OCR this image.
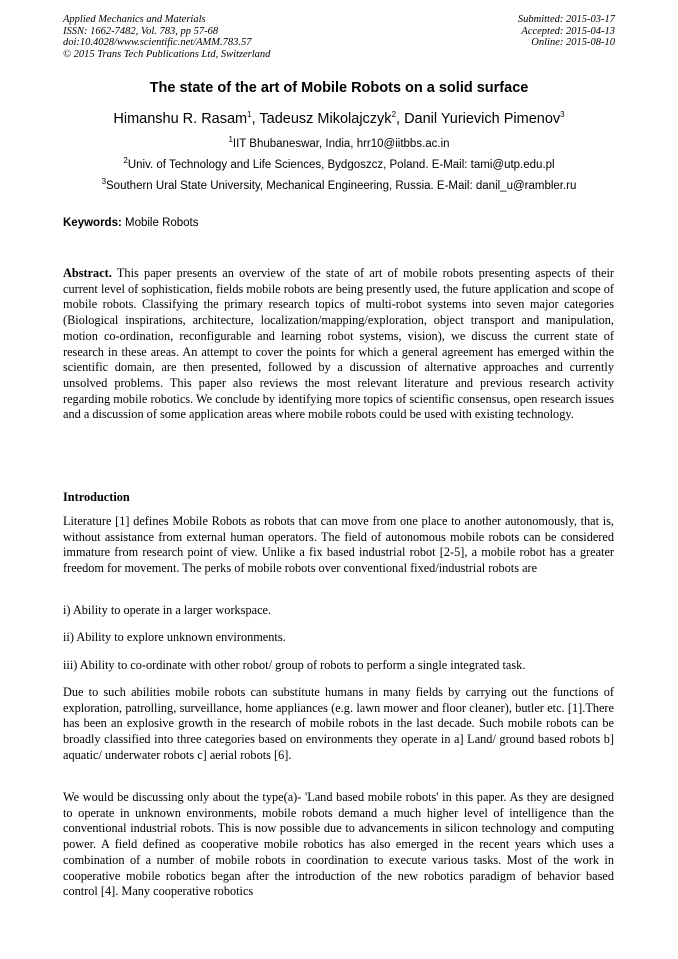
Applied Mechanics and Materials
ISSN: 1662-7482, Vol. 783, pp 57-68
doi:10.4028/www.scientific.net/AMM.783.57
© 2015 Trans Tech Publications Ltd, Switzerland
Submitted: 2015-03-17
Accepted: 2015-04-13
Online: 2015-08-10
The state of the art of Mobile Robots on a solid surface
Himanshu R. Rasam$^1$, Tadeusz Mikolajczyk$^2$, Danil Yurievich Pimenov$^3$
$^1$IIT Bhubaneswar, India, hrr10@iitbbs.ac.in
$^2$Univ. of Technology and Life Sciences, Bydgoszcz, Poland. E-Mail: tami@utp.edu.pl
$^3$Southern Ural State University, Mechanical Engineering, Russia. E-Mail: danil_u@rambler.ru
Keywords: Mobile Robots

Abstract. This paper presents an overview of the state of art of mobile robots presenting aspects of their current level of sophistication, fields mobile robots are being presently used, the future application and scope of mobile robots. Classifying the primary research topics of multi-robot systems into seven major categories (Biological inspirations, architecture, localization/mapping/exploration, object transport and manipulation, motion co-ordination, reconfigurable and learning robot systems, vision), we discuss the current state of research in these areas. An attempt to cover the points for which a general agreement has emerged within the scientific domain, are then presented, followed by a discussion of alternative approaches and currently unsolved problems. This paper also reviews the most relevant literature and previous research activity regarding mobile robotics. We conclude by identifying more topics of scientific consensus, open research issues and a discussion of some application areas where mobile robots could be used with existing technology.

Introduction

Literature [1] defines Mobile Robots as robots that can move from one place to another autonomously, that is, without assistance from external human operators. The field of autonomous mobile robots can be considered immature from research point of view. Unlike a fix based industrial robot [2-5], a mobile robot has a greater freedom for movement. The perks of mobile robots over conventional fixed/industrial robots are

i) Ability to operate in a larger workspace.

ii) Ability to explore unknown environments.

iii) Ability to co-ordinate with other robot/ group of robots to perform a single integrated task.

Due to such abilities mobile robots can substitute humans in many fields by carrying out the functions of exploration, patrolling, surveillance, home appliances (e.g. lawn mower and floor cleaner), butler etc. [1].There has been an explosive growth in the research of mobile robots in the last decade. Such mobile robots can be broadly classified into three categories based on environments they operate in a] Land/ ground based robots b] aquatic/ underwater robots c] aerial robots [6].

We would be discussing only about the type(a)- 'Land based mobile robots' in this paper. As they are designed to operate in unknown environments, mobile robots demand a much higher level of intelligence than the conventional industrial robots. This is now possible due to advancements in silicon technology and computing power. A field defined as cooperative mobile robotics has also emerged in the recent years which uses a combination of a number of mobile robots in coordination to execute various tasks. Most of the work in cooperative mobile robotics began after the introduction of the new robotics paradigm of behavior based control [4]. Many cooperative robotics
